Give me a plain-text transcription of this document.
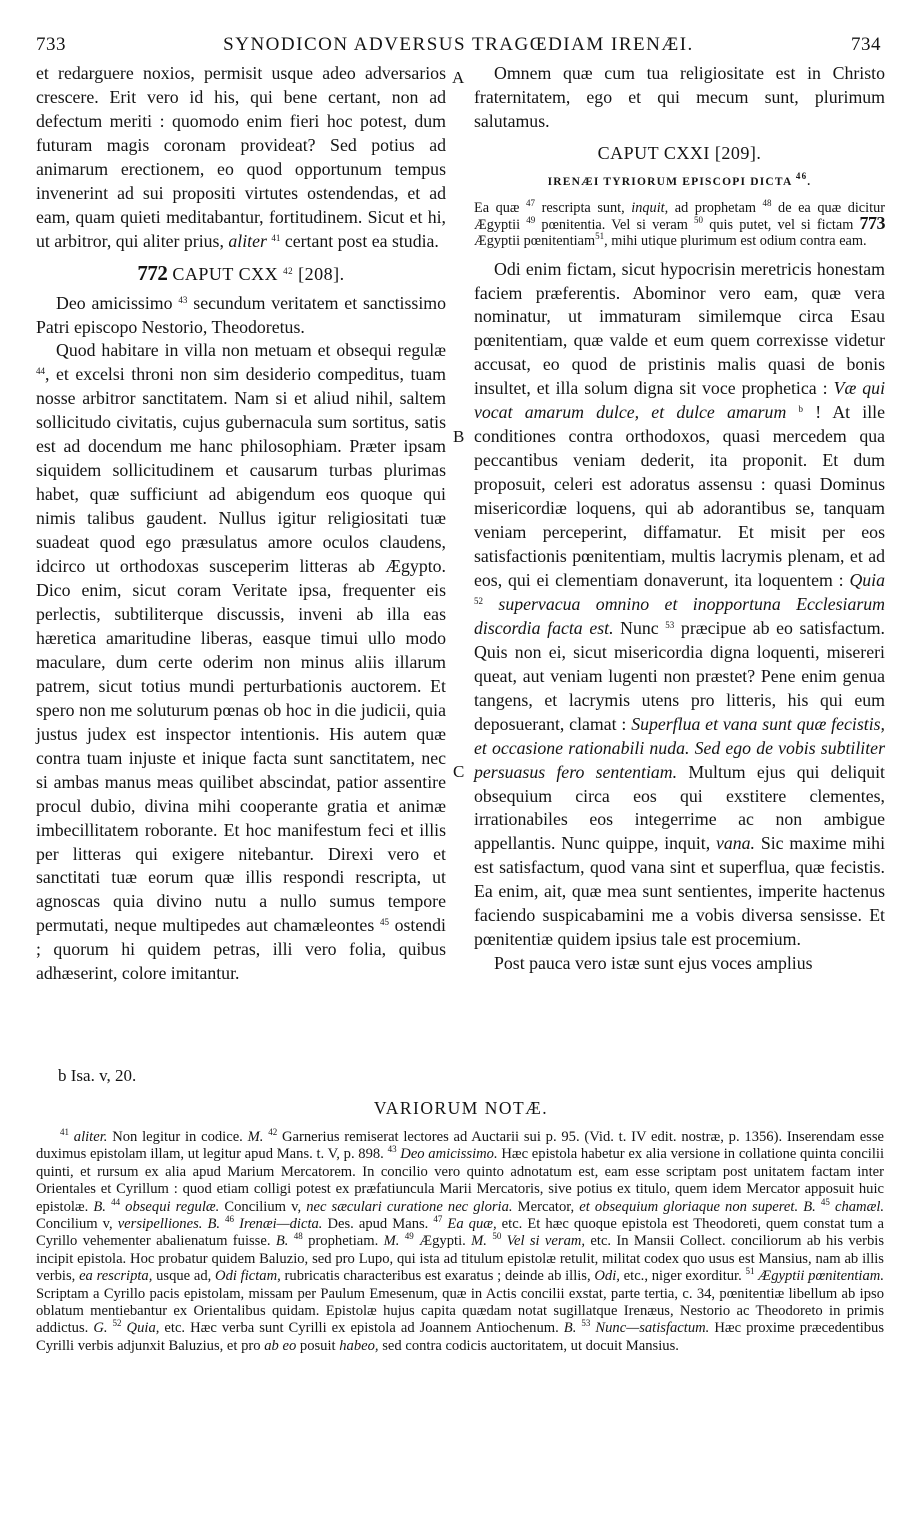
733	SYNODICON ADVERSUS TRAGŒDIAM IRENÆI.	734

et redarguere noxios, permisit usque adeo adversarios crescere. Erit vero id his, qui bene certant, non ad defectum meriti : quomodo enim fieri hoc potest, dum futuram magis coronam provideat? Sed potius ad animarum erectionem, eo quod opportunum tempus invenerint ad sui propositi virtutes ostendendas, et ad eam, quam quieti meditabantur, fortitudinem. Sicut et hi, ut arbitror, qui aliter prius, aliter $^{41}$ certant post ea studia.

772 CAPUT CXX $^{42}$ [208].

Deo amicissimo $^{43}$ secundum veritatem et sanctissimo Patri episcopo Nestorio, Theodoretus.

Quod habitare in villa non metuam et obsequi regulæ $^{44}$, et excelsi throni non sim desiderio compeditus, tuam nosse arbitror sanctitatem. Nam si et aliud nihil, saltem sollicitudo civitatis, cujus gubernacula sum sortitus, satis est ad docendum me hanc philosophiam. Præter ipsam siquidem sollicitudinem et causarum turbas plurimas habet, quæ sufficiunt ad abigendum eos quoque qui nimis talibus gaudent. Nullus igitur religiositati tuæ suadeat quod ego præsulatus amore oculos claudens, idcirco ut orthodoxas susceperim litteras ab Ægypto. Dico enim, sicut coram Veritate ipsa, frequenter eis perlectis, subtiliterque discussis, inveni ab illa eas hæretica amaritudine liberas, easque timui ullo modo maculare, dum certe oderim non minus aliis illarum patrem, sicut totius mundi perturbationis auctorem. Et spero non me soluturum pœnas ob hoc in die judicii, quia justus judex est inspector intentionis. His autem quæ contra tuam injuste et inique facta sunt sanctitatem, nec si ambas manus meas quilibet abscindat, patior assentire procul dubio, divina mihi cooperante gratia et animæ imbecillitatem roborante. Et hoc manifestum feci et illis per litteras qui exigere nitebantur. Direxi vero et sanctitati tuæ eorum quæ illis respondi rescripta, ut agnoscas quia divino nutu a nullo sumus tempore permutati, neque multipedes aut chamæleontes $^{45}$ ostendi ; quorum hi quidem petras, illi vero folia, quibus adhæserint, colore imitantur.

A
B
C

Omnem quæ cum tua religiositate est in Christo fraternitatem, ego et qui mecum sunt, plurimum salutamus.

CAPUT CXXI [209].
IRENÆI TYRIORUM EPISCOPI DICTA $^{46}$.

Ea quæ $^{47}$ rescripta sunt, inquit, ad prophetam $^{48}$ de ea quæ dicitur Ægyptii $^{49}$ pœnitentia. Vel si veram $^{50}$ quis putet, vel si fictam 773 Ægyptii pœnitentiam$^{51}$, mihi utique plurimum est odium contra eam.

Odi enim fictam, sicut hypocrisin meretricis honestam faciem præferentis. Abominor vero eam, quæ vera nominatur, ut immaturam similemque circa Esau pœnitentiam, quæ valde et eum quem correxisse videtur accusat, eo quod de pristinis malis quasi de bonis insultet, et illa solum digna sit voce prophetica : Væ qui vocat amarum dulce, et dulce amarum $^b$ ! At ille conditiones contra orthodoxos, quasi mercedem qua peccantibus veniam dederit, ita proponit. Et dum proposuit, celeri est adoratus assensu : quasi Dominus misericordiæ loquens, qui ab adorantibus se, tanquam veniam perceperint, diffamatur. Et misit per eos satisfactionis pœnitentiam, multis lacrymis plenam, et ad eos, qui ei clementiam donaverunt, ita loquentem : Quia $^{52}$ supervacua omnino et inopportuna Ecclesiarum discordia facta est. Nunc $^{53}$ præcipue ab eo satisfactum. Quis non ei, sicut misericordia digna loquenti, misereri queat, aut veniam lugenti non præstet? Pene enim genua tangens, et lacrymis utens pro litteris, his qui eum deposuerant, clamat : Superflua et vana sunt quæ fecistis, et occasione rationabili nuda. Sed ego de vobis subtiliter persuasus fero sententiam. Multum ejus qui deliquit obsequium circa eos qui exstitere clementes, irrationabiles eos integerrime ac non ambigue appellantis. Nunc quippe, inquit, vana. Sic maxime mihi est satisfactum, quod vana sint et superflua, quæ fecistis. Ea enim, ait, quæ mea sunt sentientes, imperite hactenus faciendo suspicabamini me a vobis diversa sensisse. Et pœnitentiæ quidem ipsius tale est procemium.

Post pauca vero istæ sunt ejus voces amplius

b Isa. v, 20.
VARIORUM NOTÆ.

$^{41}$ aliter. Non legitur in codice. M. $^{42}$ Garnerius remiserat lectores ad Auctarii sui p. 95. (Vid. t. IV edit. nostræ, p. 1356). Inserendam esse duximus epistolam illam, ut legitur apud Mans. t. V, p. 898. $^{43}$ Deo amicissimo. Hæc epistola habetur ex alia versione in collatione quinta concilii quinti, et rursum ex alia apud Marium Mercatorem. In concilio vero quinto adnotatum est, eam esse scriptam post unitatem factam inter Orientales et Cyrillum : quod etiam colligi potest ex præfatiuncula Marii Mercatoris, sive potius ex titulo, quem idem Mercator apposuit huic epistolæ. B. $^{44}$ obsequi regulæ. Concilium v, nec sæculari curatione nec gloria. Mercator, et obsequium gloriaque non superet. B. $^{45}$ chamæl. Concilium v, versipelliones. B. $^{46}$ Irenæi—dicta. Des. apud Mans. $^{47}$ Ea quæ, etc. Et hæc quoque epistola est Theodoreti, quem constat tum a Cyrillo vehementer abalienatum fuisse. B. $^{48}$ prophetiam. M. $^{49}$ Ægypti. M. $^{50}$ Vel si veram, etc. In Mansii Collect. conciliorum ab his verbis incipit epistola. Hoc probatur quidem Baluzio, sed pro Lupo, qui ista ad titulum epistolæ retulit, militat codex quo usus est Mansius, nam ab illis verbis, ea rescripta, usque ad, Odi fictam, rubricatis characteribus est exaratus ; deinde ab illis, Odi, etc., niger exorditur. $^{51}$ Ægyptii pœnitentiam. Scriptam a Cyrillo pacis epistolam, missam per Paulum Emesenum, quæ in Actis concilii exstat, parte tertia, c. 34, pœnitentiæ libellum ab ipso oblatum mentiebantur ex Orientalibus quidam. Epistolæ hujus capita quædam notat sugillatque Irenæus, Nestorio ac Theodoreto in primis addictus. G. $^{52}$ Quia, etc. Hæc verba sunt Cyrilli ex epistola ad Joannem Antiochenum. B. $^{53}$ Nunc—satisfactum. Hæc proxime præcedentibus Cyrilli verbis adjunxit Baluzius, et pro ab eo posuit habeo, sed contra codicis auctoritatem, ut docuit Mansius.
